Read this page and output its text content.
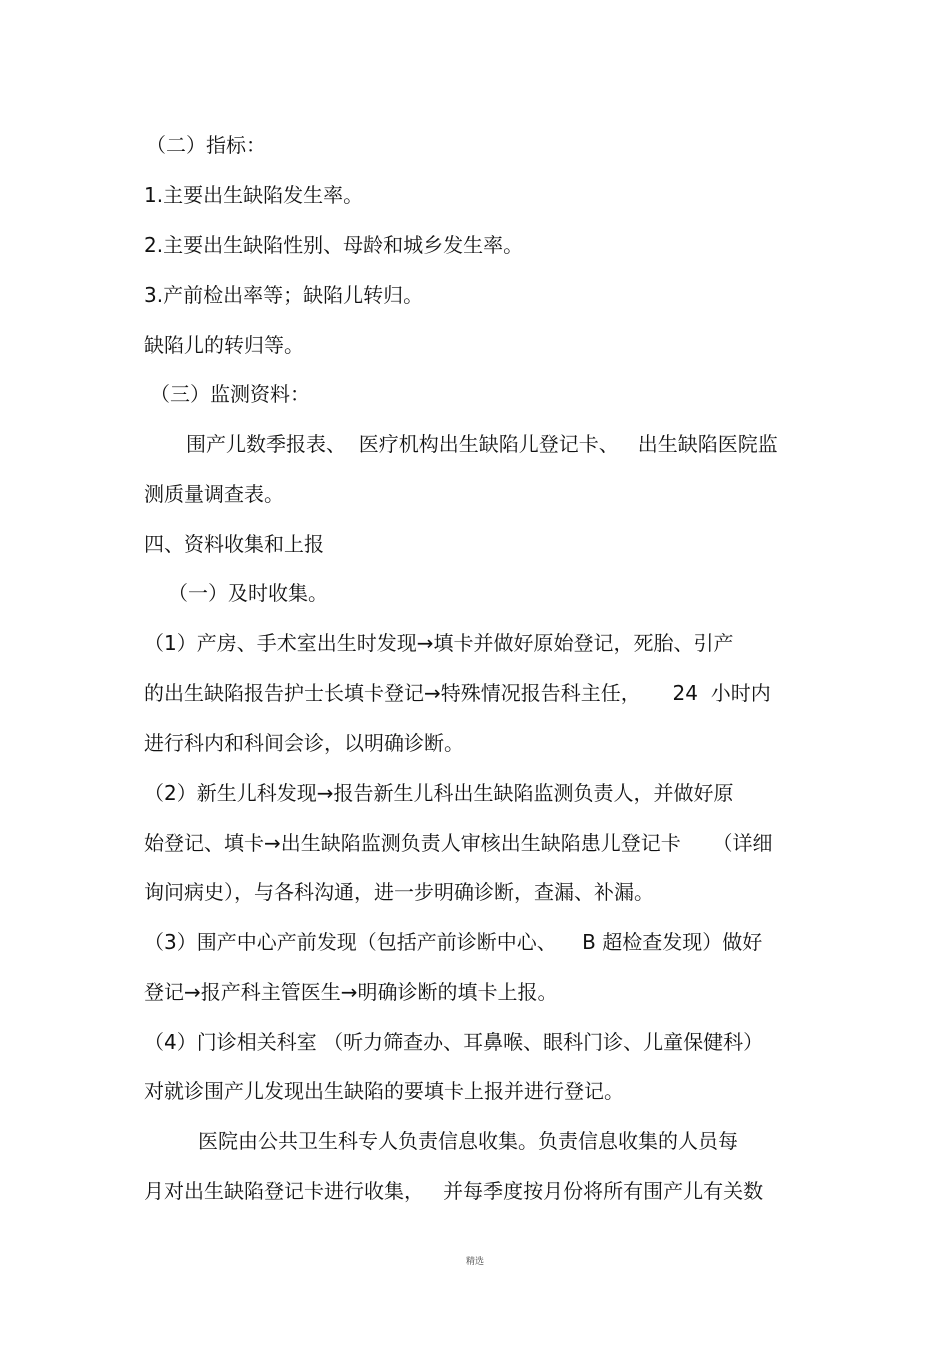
（二）指标：
1.主要出生缺陷发生率。
2.主要出生缺陷性别、母龄和城乡发生率。
3.产前检出率等；缺陷儿转归。
缺陷儿的转归等。
（三）监测资料：
围产儿数季报表、  医疗机构出生缺陷儿登记卡、   出生缺陷医院监
测质量调查表。
四、资料收集和上报
（一）及时收集。
（1）产房、手术室出生时发现→填卡并做好原始登记，死胎、引产
的出生缺陷报告护士长填卡登记→特殊情况报告科主任，     24  小时内
进行科内和科间会诊，以明确诊断。
（2）新生儿科发现→报告新生儿科出生缺陷监测负责人，并做好原
始登记、填卡→出生缺陷监测负责人审核出生缺陷患儿登记卡     （详细
询问病史），与各科沟通，进一步明确诊断，查漏、补漏。
（3）围产中心产前发现（包括产前诊断中心、    B 超检查发现）做好
登记→报产科主管医生→明确诊断的填卡上报。
（4）门诊相关科室 （听力筛查办、耳鼻喉、眼科门诊、儿童保健科）
对就诊围产儿发现出生缺陷的要填卡上报并进行登记。
医院由公共卫生科专人负责信息收集。负责信息收集的人员每
月对出生缺陷登记卡进行收集，   并每季度按月份将所有围产儿有关数
精选
